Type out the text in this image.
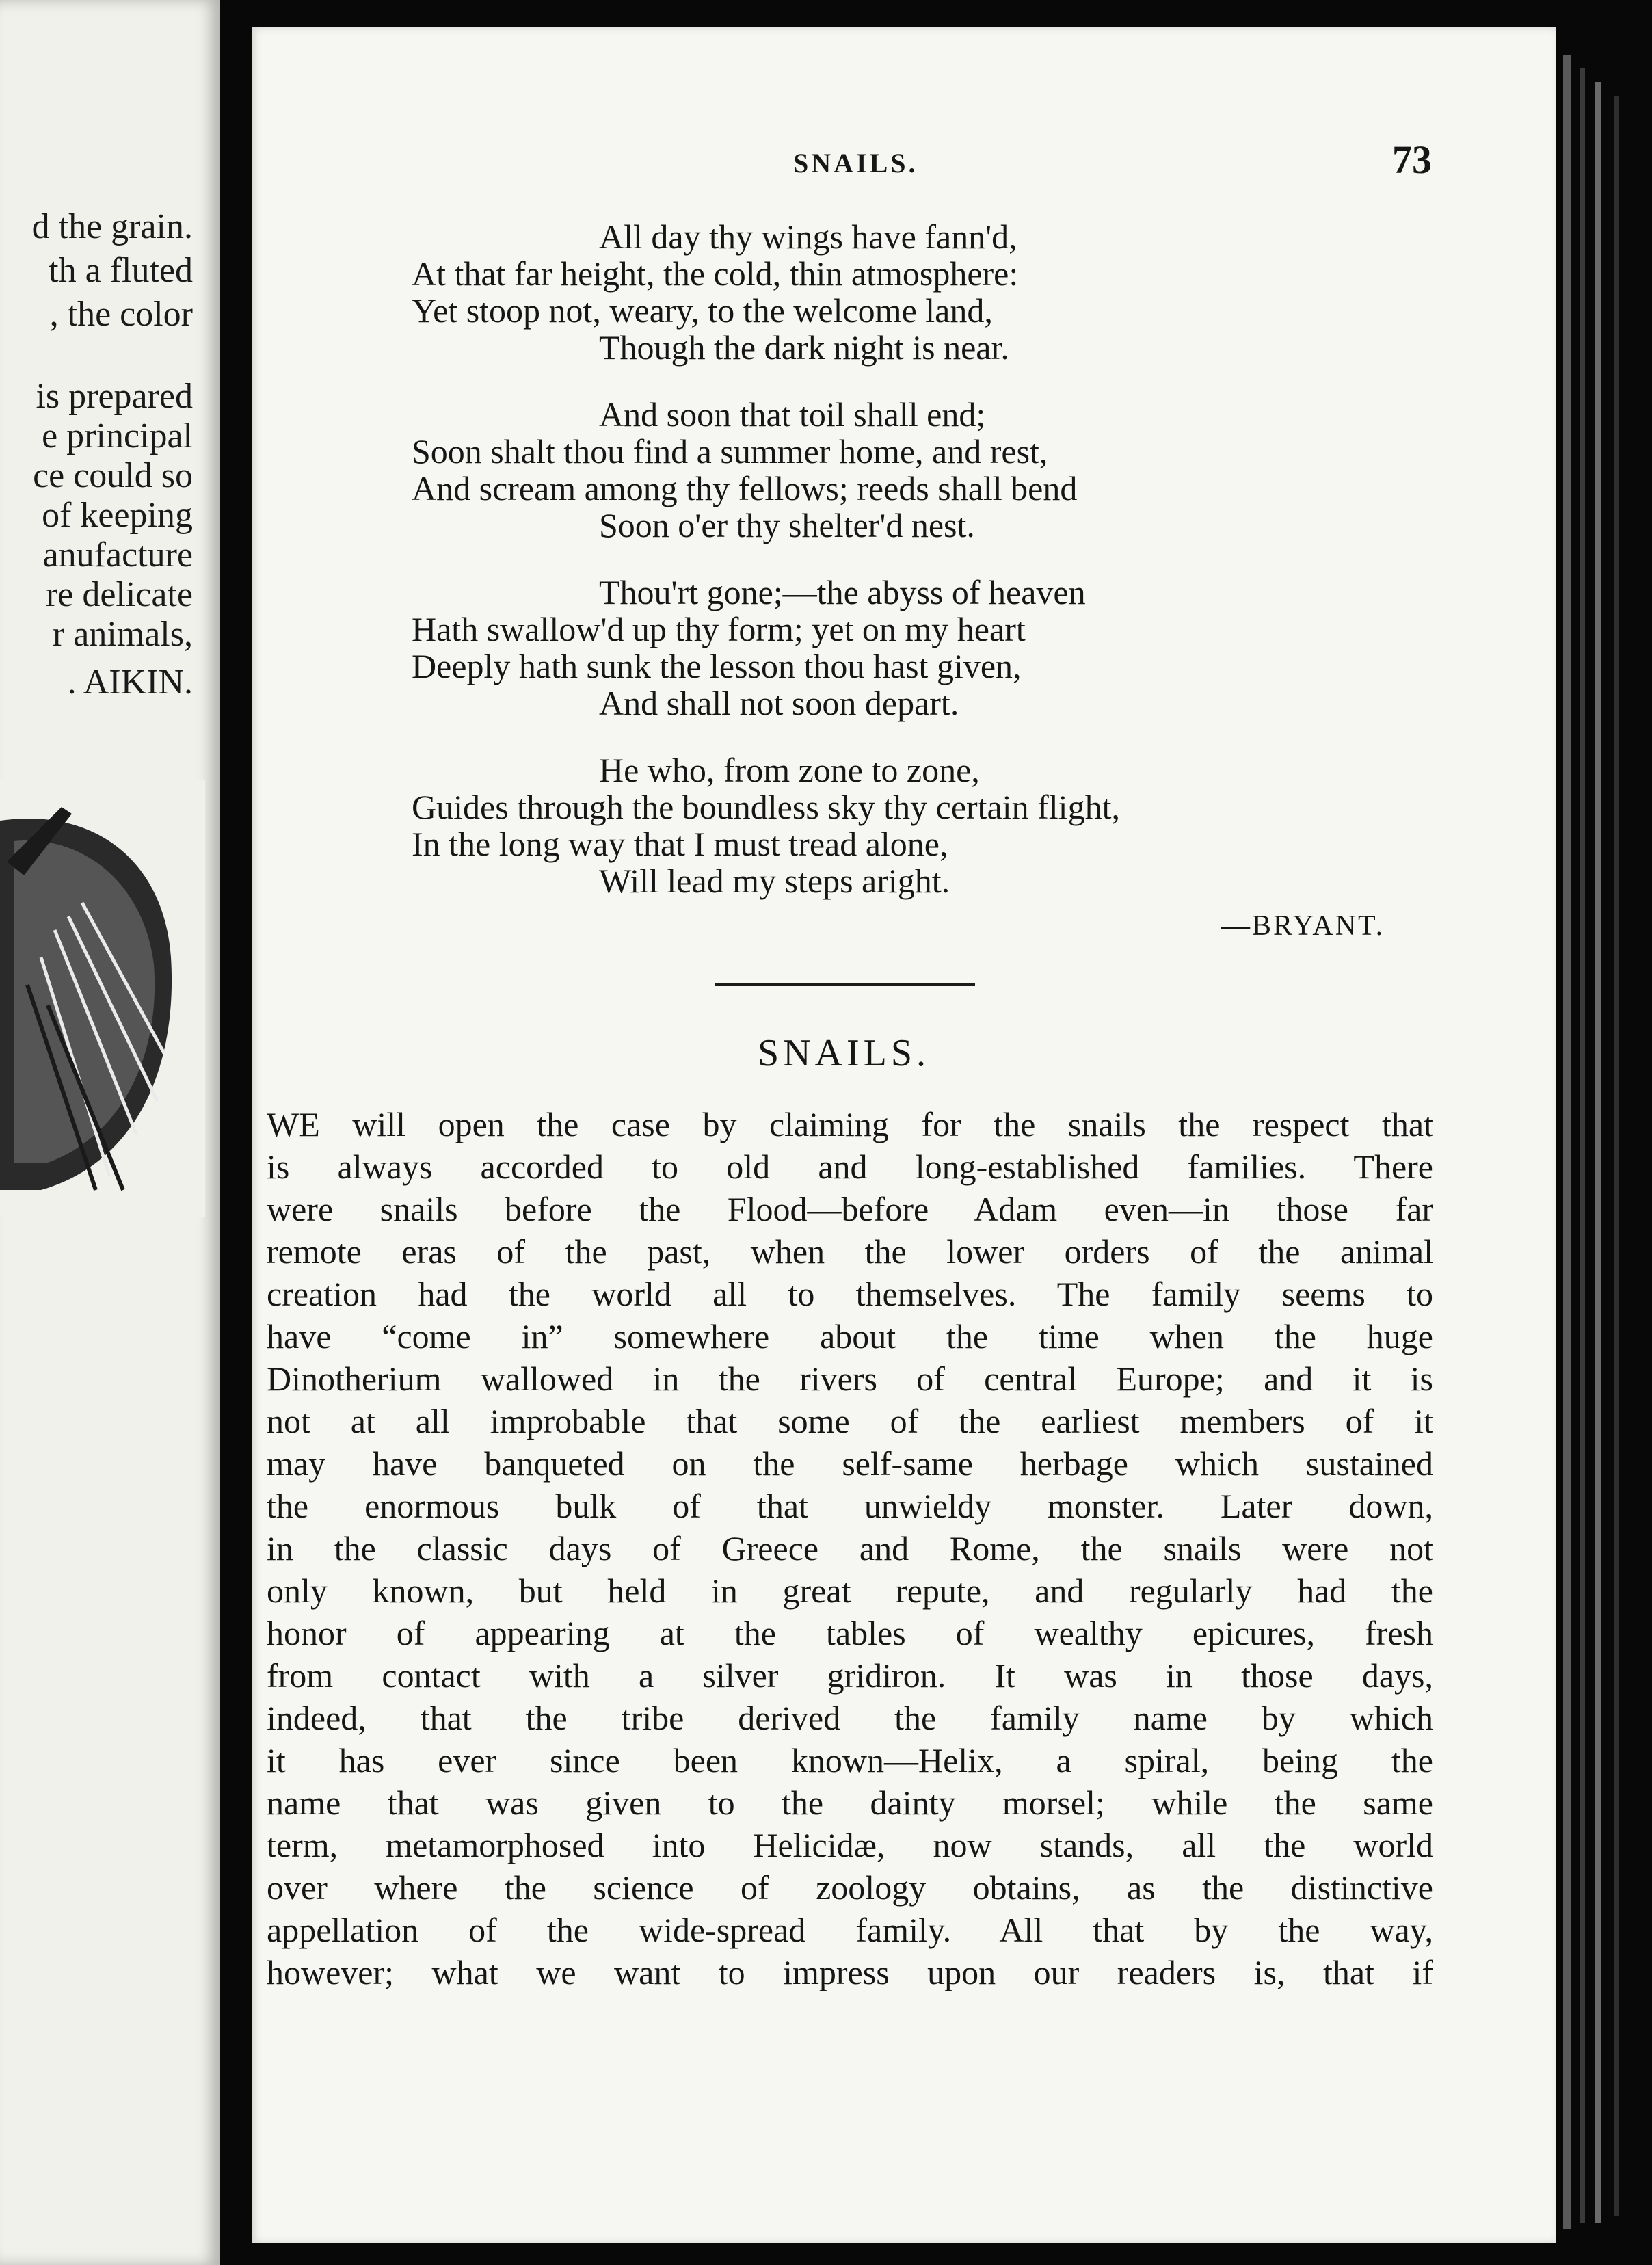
d the grain.
th a fluted
, the color
is prepared
e principal
ce could so
of keeping
anufacture
re delicate
r animals,
. AIKIN.
SNAILS.	73
All day thy wings have fann'd,
At that far height, the cold, thin atmosphere:
Yet stoop not, weary, to the welcome land,
Though the dark night is near.
And soon that toil shall end;
Soon shalt thou find a summer home, and rest,
And scream among thy fellows; reeds shall bend
Soon o'er thy shelter'd nest.
Thou'rt gone;—the abyss of heaven
Hath swallow'd up thy form; yet on my heart
Deeply hath sunk the lesson thou hast given,
And shall not soon depart.
He who, from zone to zone,
Guides through the boundless sky thy certain flight,
In the long way that I must tread alone,
Will lead my steps aright.
—BRYANT.
SNAILS.
WE will open the case by claiming for the snails the respect that
is always accorded to old and long-established families. There
were snails before the Flood—before Adam even—in those far
remote eras of the past, when the lower orders of the animal
creation had the world all to themselves. The family seems to
have “come in” somewhere about the time when the huge
Dinotherium wallowed in the rivers of central Europe; and it is
not at all improbable that some of the earliest members of it
may have banqueted on the self-same herbage which sustained
the enormous bulk of that unwieldy monster. Later down,
in the classic days of Greece and Rome, the snails were not
only known, but held in great repute, and regularly had the
honor of appearing at the tables of wealthy epicures, fresh
from contact with a silver gridiron. It was in those days,
indeed, that the tribe derived the family name by which
it has ever since been known—Helix, a spiral, being the
name that was given to the dainty morsel; while the same
term, metamorphosed into Helicidæ, now stands, all the world
over where the science of zoology obtains, as the distinctive
appellation of the wide-spread family. All that by the way,
however; what we want to impress upon our readers is, that if
